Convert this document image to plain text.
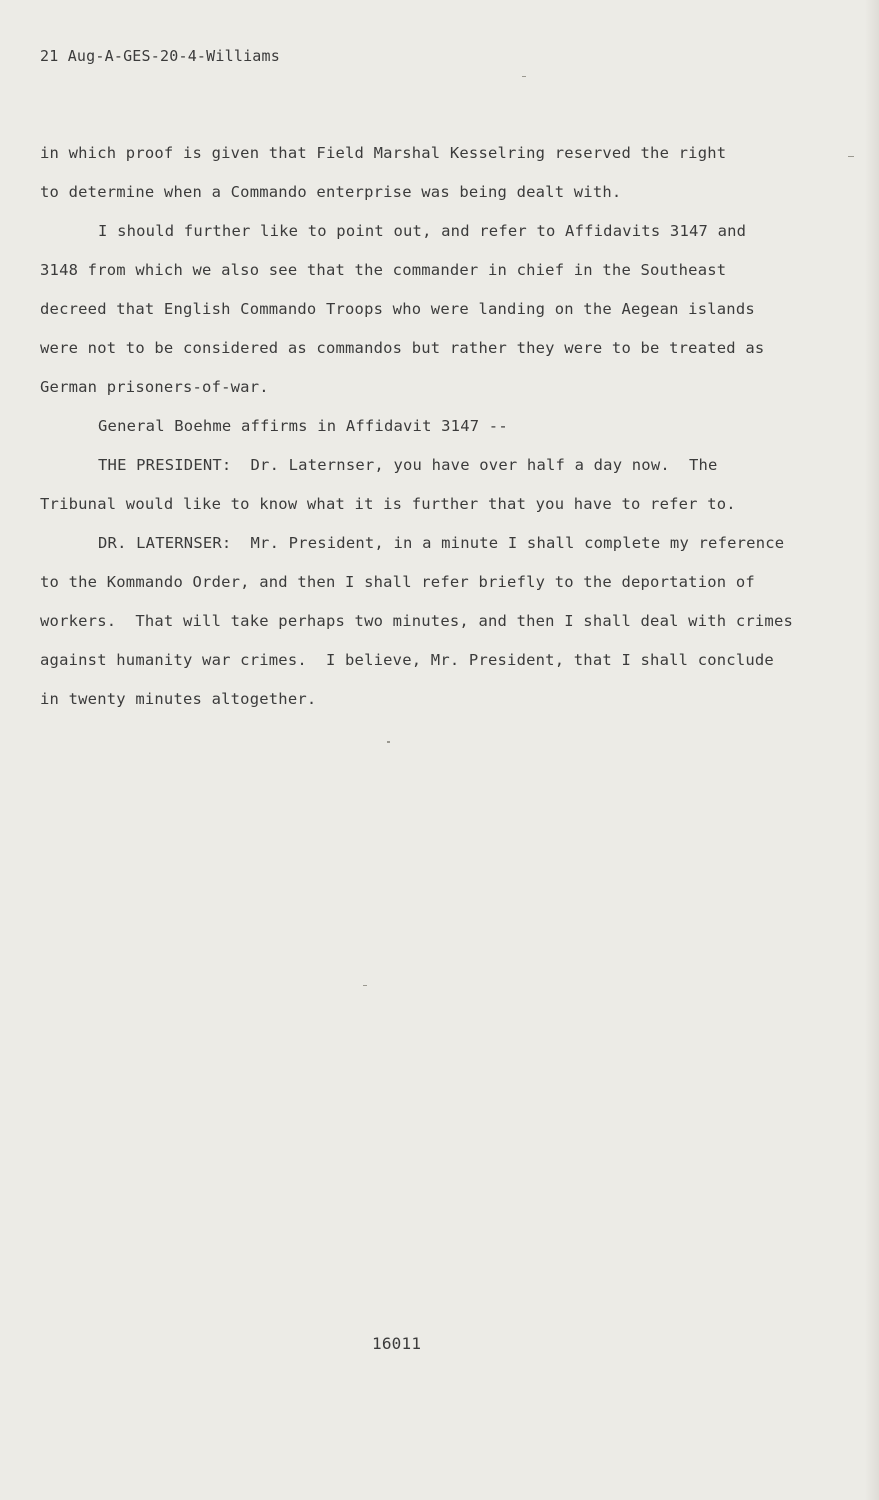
21 Aug-A-GES-20-4-Williams
in which proof is given that Field Marshal Kesselring reserved the right
to determine when a Commando enterprise was being dealt with.
I should further like to point out, and refer to Affidavits 3147 and
3148 from which we also see that the commander in chief in the Southeast
decreed that English Commando Troops who were landing on the Aegean islands
were not to be considered as commandos but rather they were to be treated as
German prisoners-of-war.
General Boehme affirms in Affidavit 3147 --
THE PRESIDENT:  Dr. Laternser, you have over half a day now.  The
Tribunal would like to know what it is further that you have to refer to.
DR. LATERNSER:  Mr. President, in a minute I shall complete my reference
to the Kommando Order, and then I shall refer briefly to the deportation of
workers.  That will take perhaps two minutes, and then I shall deal with crimes
against humanity war crimes.  I believe, Mr. President, that I shall conclude
in twenty minutes altogether.
16011
